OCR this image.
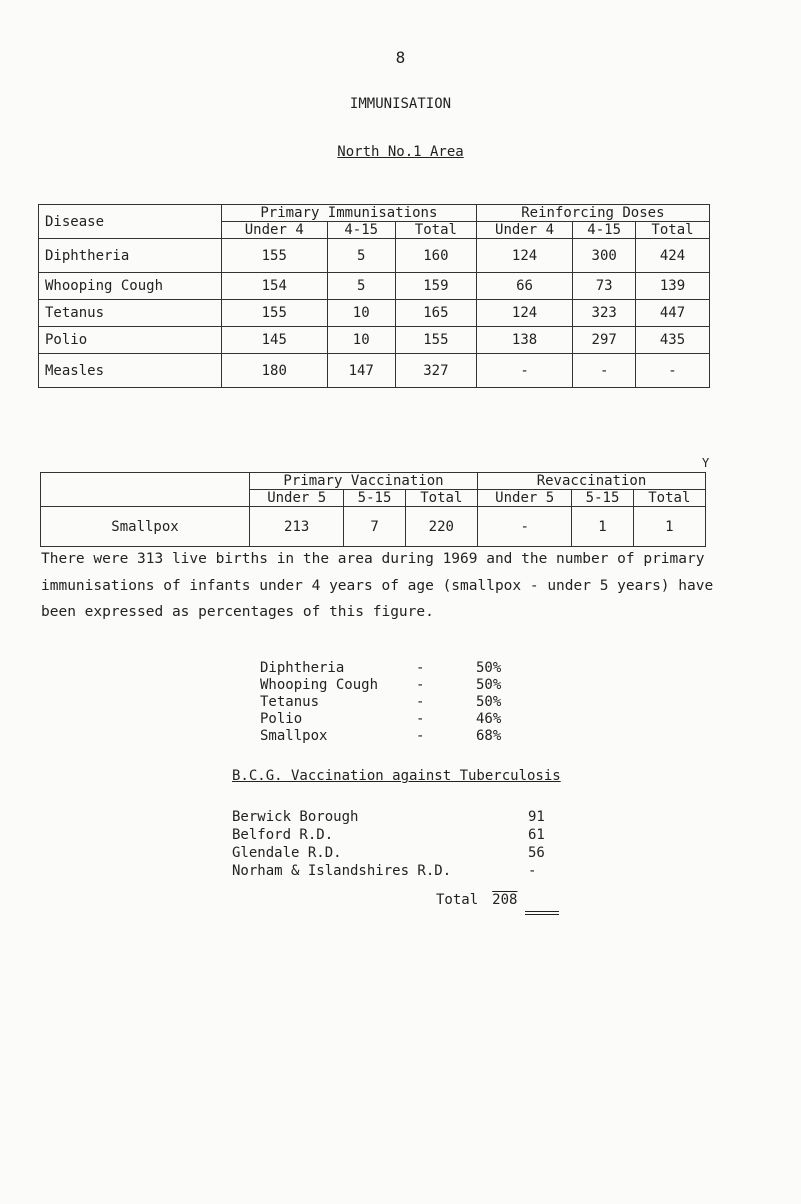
8
IMMUNISATION
North No.1 Area
Disease	Primary Immunisations			Reinforcing Doses		
	Under 4	4-15	Total	Under 4	4-15	Total
Diphtheria	155	5	160	124	300	424
Whooping Cough	154	5	159	66	73	139
Tetanus	155	10	165	124	323	447
Polio	145	10	155	138	297	435
Measles	180	147	327	-	-	-
Y
	Primary Vaccination			Revaccination		
	Under 5	5-15	Total	Under 5	5-15	Total
Smallpox	213	7	220	-	1	1
There were 313 live births in the area during 1969 and the number of primary immunisations of infants under 4 years of age (smallpox - under 5 years) have been expressed as percentages of this figure.
Diphtheria	-	50%
Whooping Cough	-	50%
Tetanus	-	50%
Polio	-	46%
Smallpox	-	68%
B.C.G. Vaccination against Tuberculosis
Berwick Borough	91
Belford R.D.	61
Glendale R.D.	56
Norham & Islandshires R.D.	-
Total 208
